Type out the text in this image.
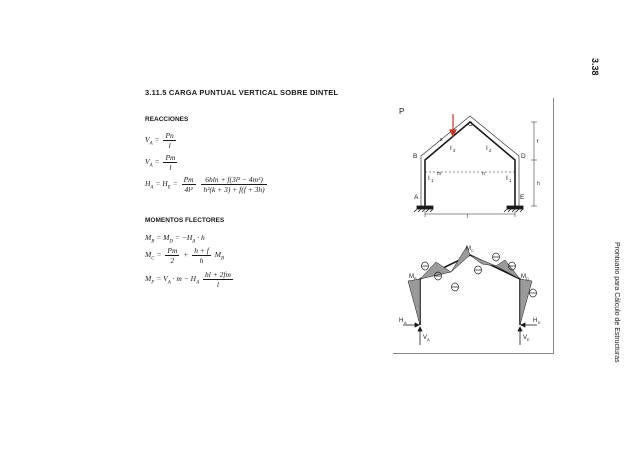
3.38
Prontuario para Cálculo de Estructuras
3.11.5 CARGA PUNTUAL VERTICAL SOBRE DINTEL
REACCIONES
$V_A = \frac{Pn}{l}$
$V_A = \frac{Pm}{l}$
$H_A = H_E = \frac{Pm}{\text{4l²}}$
$\frac{\text{6hln + f(3l² − 4m²)}}{\text{h²(k + 3) + f(f + 3h)}}$
MOMENTOS FLECTORES
$M_B = M_D = -H_A \cdot h$
$M_C = \frac{Pm}{2} + \frac{h + f}{h} M_B$
$M_F = V_A \cdot m - H_A \frac{hl + 2fm}{l}$
P
A
B
C
D
E
I 1	I 1
I 2	I 2
s
m	n
l
f
h
M C
M B	M D
H A	H E
V A	V E
